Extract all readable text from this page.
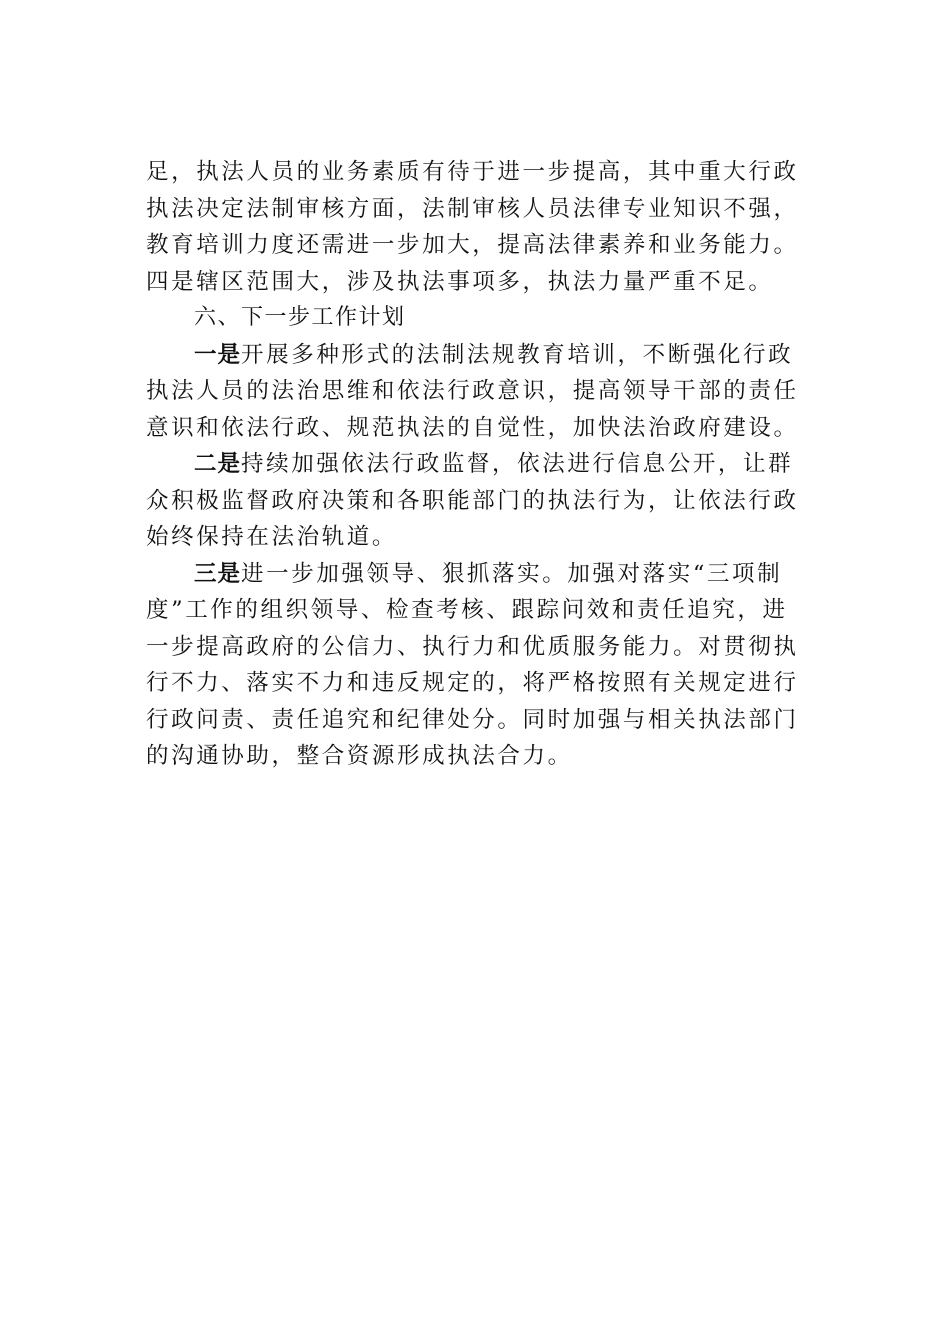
足，执法人员的业务素质有待于进一步提高，其中重大行政执法决定法制审核方面，法制审核人员法律专业知识不强，教育培训力度还需进一步加大，提高法律素养和业务能力。四是辖区范围大，涉及执法事项多，执法力量严重不足。

六、下一步工作计划

一是开展多种形式的法制法规教育培训，不断强化行政执法人员的法治思维和依法行政意识，提高领导干部的责任意识和依法行政、规范执法的自觉性，加快法治政府建设。

二是持续加强依法行政监督，依法进行信息公开，让群众积极监督政府决策和各职能部门的执法行为，让依法行政始终保持在法治轨道。

三是进一步加强领导、狠抓落实。加强对落实“三项制度”工作的组织领导、检查考核、跟踪问效和责任追究，进一步提高政府的公信力、执行力和优质服务能力。对贯彻执行不力、落实不力和违反规定的，将严格按照有关规定进行行政问责、责任追究和纪律处分。同时加强与相关执法部门的沟通协助，整合资源形成执法合力。
